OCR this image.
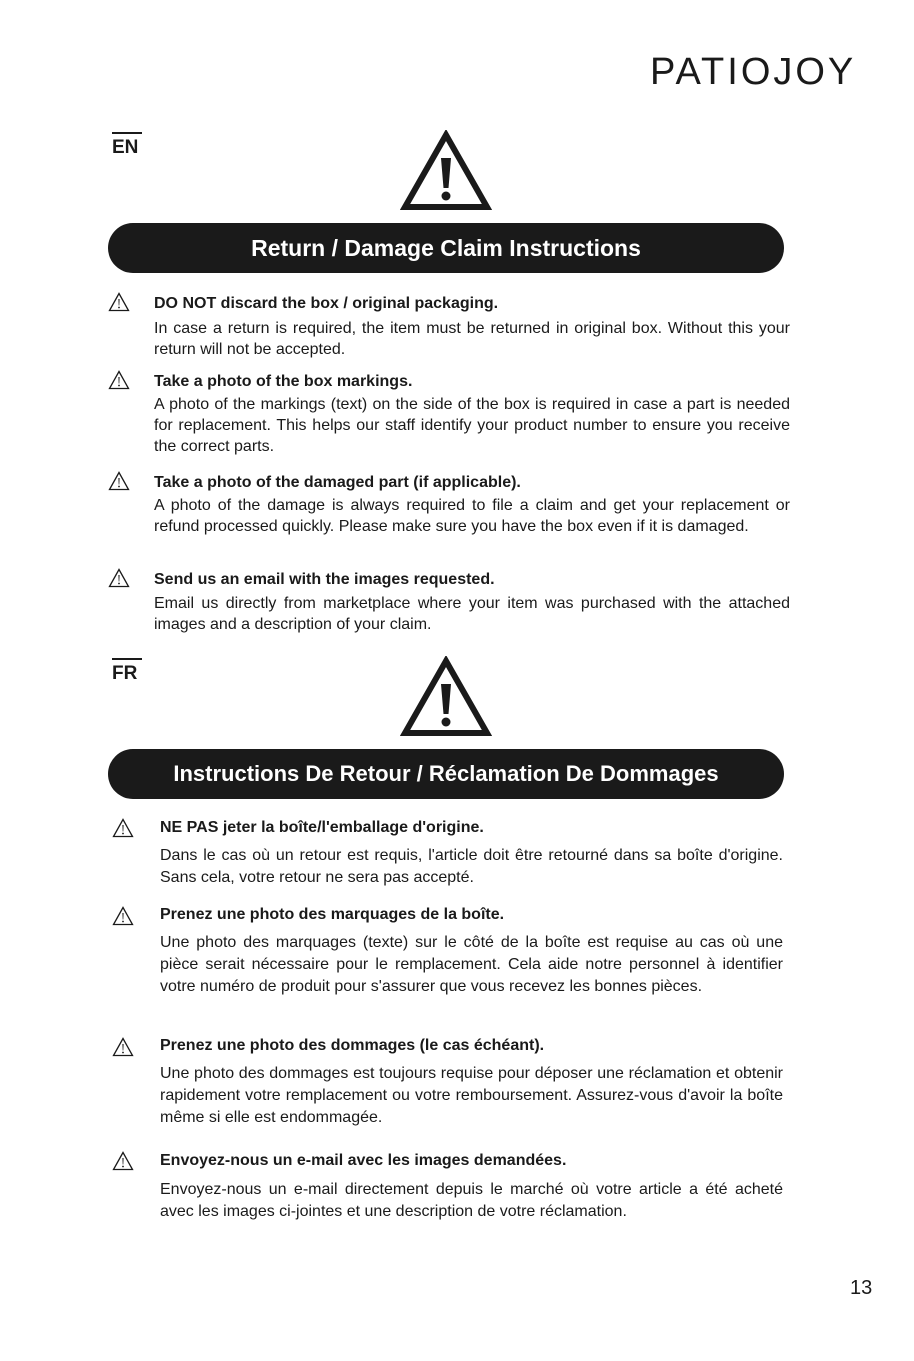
PATIOJOY
EN
Return / Damage Claim Instructions
DO NOT discard the box / original packaging.
In case a return is required, the item must be returned in original box. Without this your return will not be accepted.
Take a photo of the box markings.
A photo of the markings (text) on the side of the box is required in case a part is needed for replacement. This helps our staff identify your product number to ensure you receive the correct parts.
Take a photo of the damaged part (if applicable).
A photo of the damage is always required to file a claim and get your replacement or refund processed quickly. Please make sure you have the box even if it is damaged.
Send us an email with the images requested.
Email us directly from marketplace where your item was purchased with the attached images and a description of your claim.
FR
Instructions De Retour / Réclamation De Dommages
NE PAS jeter la boîte/l'emballage d'origine.
Dans le cas où un retour est requis, l'article doit être retourné dans sa boîte d'origine. Sans cela, votre retour ne sera pas accepté.
Prenez une photo des marquages de la boîte.
Une photo des marquages (texte) sur le côté de la boîte est requise au cas où une pièce serait nécessaire pour le remplacement. Cela aide notre personnel à identifier votre numéro de produit pour s'assurer que vous recevez les bonnes pièces.
Prenez une photo des dommages (le cas échéant).
Une photo des dommages est toujours requise pour déposer une réclamation et obtenir rapidement votre remplacement ou votre remboursement. Assurez-vous d'avoir la boîte même si elle est endommagée.
Envoyez-nous un e-mail avec les images demandées.
Envoyez-nous un e-mail directement depuis le marché où votre article a été acheté avec les images ci-jointes et une description de votre réclamation.
13
